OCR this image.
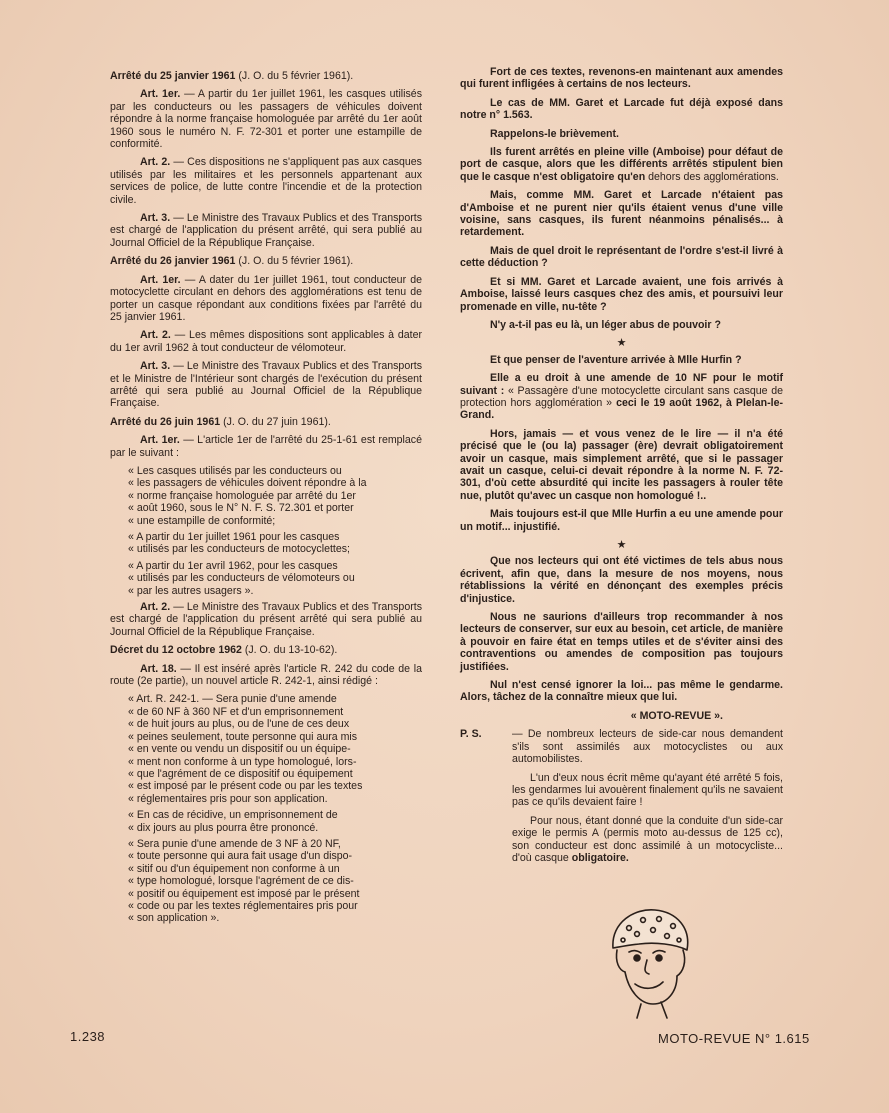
Arrêté du 25 janvier 1961 (J. O. du 5 février 1961).

Art. 1er. — A partir du 1er juillet 1961, les casques utilisés par les conducteurs ou les passagers de véhicules doivent répondre à la norme française homologuée par arrêté du 1er août 1960 sous le numéro N. F. 72-301 et porter une estampille de conformité.

Art. 2. — Ces dispositions ne s'appliquent pas aux casques utilisés par les militaires et les personnels appartenant aux services de police, de lutte contre l'incendie et de la protection civile.

Art. 3. — Le Ministre des Travaux Publics et des Transports est chargé de l'application du présent arrêté, qui sera publié au Journal Officiel de la République Française.

Arrêté du 26 janvier 1961 (J. O. du 5 février 1961).

Art. 1er. — A dater du 1er juillet 1961, tout conducteur de motocyclette circulant en dehors des agglomérations est tenu de porter un casque répondant aux conditions fixées par l'arrêté du 25 janvier 1961.

Art. 2. — Les mêmes dispositions sont applicables à dater du 1er avril 1962 à tout conducteur de vélomoteur.

Art. 3. — Le Ministre des Travaux Publics et des Transports et le Ministre de l'Intérieur sont chargés de l'exécution du présent arrêté qui sera publié au Journal Officiel de la République Française.

Arrêté du 26 juin 1961 (J. O. du 27 juin 1961).

Art. 1er. — L'article 1er de l'arrêté du 25-1-61 est remplacé par le suivant :

« Les casques utilisés par les conducteurs ou
« les passagers de véhicules doivent répondre à la
« norme française homologuée par arrêté du 1er
« août 1960, sous le N° N. F. S. 72.301 et porter
« une estampille de conformité;
« A partir du 1er juillet 1961 pour les casques
« utilisés par les conducteurs de motocyclettes;
« A partir du 1er avril 1962, pour les casques
« utilisés par les conducteurs de vélomoteurs ou
« par les autres usagers ».

Art. 2. — Le Ministre des Travaux Publics et des Transports est chargé de l'application du présent arrêté qui sera publié au Journal Officiel de la République Française.

Décret du 12 octobre 1962 (J. O. du 13-10-62).

Art. 18. — Il est inséré après l'article R. 242 du code de la route (2e partie), un nouvel article R. 242-1, ainsi rédigé :

« Art. R. 242-1. — Sera punie d'une amende
« de 60 NF à 360 NF et d'un emprisonnement
« de huit jours au plus, ou de l'une de ces deux
« peines seulement, toute personne qui aura mis
« en vente ou vendu un dispositif ou un équipe-
« ment non conforme à un type homologué, lors-
« que l'agrément de ce dispositif ou équipement
« est imposé par le présent code ou par les textes
« réglementaires pris pour son application.
« En cas de récidive, un emprisonnement de
« dix jours au plus pourra être prononcé.
« Sera punie d'une amende de 3 NF à 20 NF,
« toute personne qui aura fait usage d'un dispo-
« sitif ou d'un équipement non conforme à un
« type homologué, lorsque l'agrément de ce dis-
« positif ou équipement est imposé par le présent
« code ou par les textes réglementaires pris pour
« son application ».

Fort de ces textes, revenons-en maintenant aux amendes qui furent infligées à certains de nos lecteurs.

Le cas de MM. Garet et Larcade fut déjà exposé dans notre n° 1.563.

Rappelons-le brièvement.

Ils furent arrêtés en pleine ville (Amboise) pour défaut de port de casque, alors que les différents arrêtés stipulent bien que le casque n'est obligatoire qu'en dehors des agglomérations.

Mais, comme MM. Garet et Larcade n'étaient pas d'Amboise et ne purent nier qu'ils étaient venus d'une ville voisine, sans casques, ils furent néanmoins pénalisés... à retardement.

Mais de quel droit le représentant de l'ordre s'est-il livré à cette déduction ?

Et si MM. Garet et Larcade avaient, une fois arrivés à Amboise, laissé leurs casques chez des amis, et poursuivi leur promenade en ville, nu-tête ?

N'y a-t-il pas eu là, un léger abus de pouvoir ?

★

Et que penser de l'aventure arrivée à Mlle Hurfin ?

Elle a eu droit à une amende de 10 NF pour le motif suivant : « Passagère d'une motocyclette circulant sans casque de protection hors agglomération » ceci le 19 août 1962, à Plelan-le-Grand.

Hors, jamais — et vous venez de le lire — il n'a été précisé que le (ou la) passager (ère) devrait obligatoirement avoir un casque, mais simplement arrêté, que si le passager avait un casque, celui-ci devait répondre à la norme N. F. 72-301, d'où cette absurdité qui incite les passagers à rouler tête nue, plutôt qu'avec un casque non homologué !..

Mais toujours est-il que Mlle Hurfin a eu une amende pour un motif... injustifié.

★

Que nos lecteurs qui ont été victimes de tels abus nous écrivent, afin que, dans la mesure de nos moyens, nous rétablissions la vérité en dénonçant des exemples précis d'injustice.

Nous ne saurions d'ailleurs trop recommander à nos lecteurs de conserver, sur eux au besoin, cet article, de manière à pouvoir en faire état en temps utiles et de s'éviter ainsi des contraventions ou amendes de composition pas toujours justifiées.

Nul n'est censé ignorer la loi... pas même le gendarme. Alors, tâchez de la connaître mieux que lui.

« MOTO-REVUE ».

P. S.	— De nombreux lecteurs de side-car nous demandent s'ils sont assimilés aux motocyclistes ou aux automobilistes.

L'un d'eux nous écrit même qu'ayant été arrêté 5 fois, les gendarmes lui avouèrent finalement qu'ils ne savaient pas ce qu'ils devaient faire !

Pour nous, étant donné que la conduite d'un side-car exige le permis A (permis moto au-dessus de 125 cc), son conducteur est donc assimilé à un motocycliste... d'où casque obligatoire.

1.238	MOTO-REVUE N° 1.615
